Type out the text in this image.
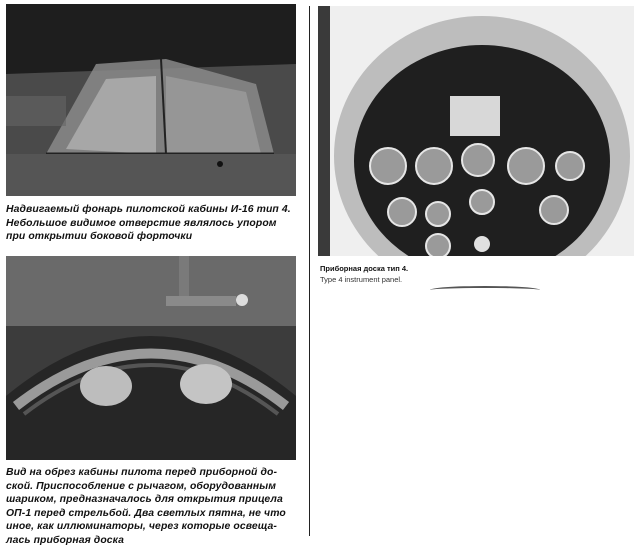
Надвигаемый фонарь пилотской кабины И-16 тип 4.
Небольшое видимое отверстие являлось упором
при открытии боковой форточки

Вид на обрез кабины пилота перед приборной до-
ской. Приспособление с рычагом, оборудованным
шариком, предназначалось для открытия прицела
ОП-1 перед стрельбой. Два светлых пятна, не что
иное, как иллюминаторы, через которые освеща-
лась приборная доска

Приборная доска тип 4.

Type 4 instrument panel.
